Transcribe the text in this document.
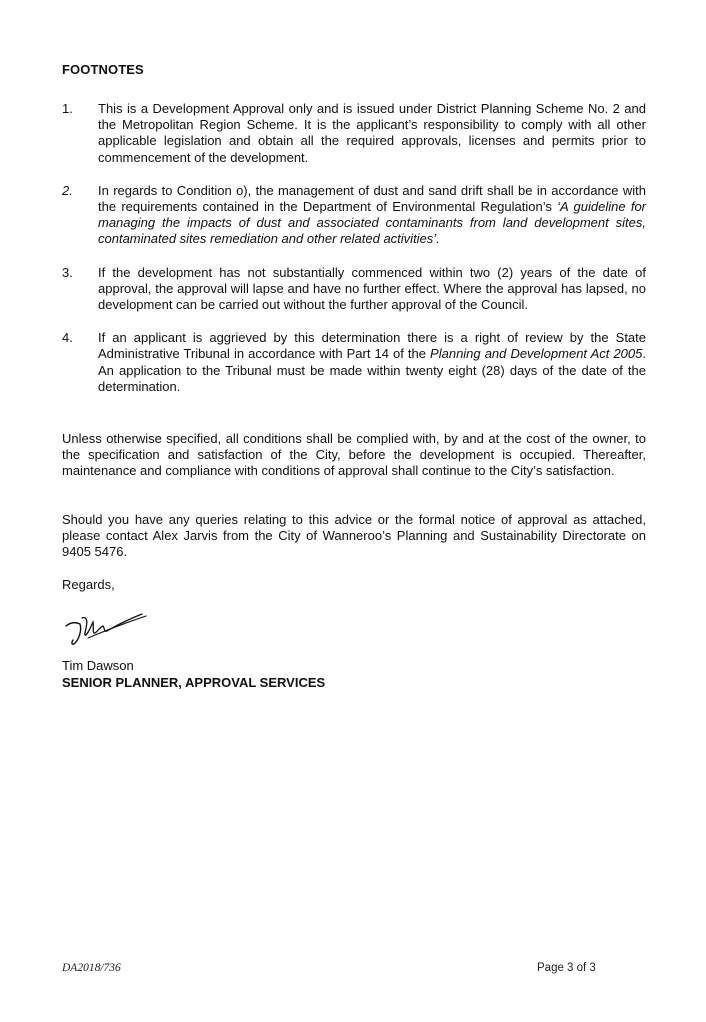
FOOTNOTES
1.	This is a Development Approval only and is issued under District Planning Scheme No. 2 and the Metropolitan Region Scheme. It is the applicant’s responsibility to comply with all other applicable legislation and obtain all the required approvals, licenses and permits prior to commencement of the development.
2.	In regards to Condition o), the management of dust and sand drift shall be in accordance with the requirements contained in the Department of Environmental Regulation’s ‘A guideline for managing the impacts of dust and associated contaminants from land development sites, contaminated sites remediation and other related activities’.
3.	If the development has not substantially commenced within two (2) years of the date of approval, the approval will lapse and have no further effect. Where the approval has lapsed, no development can be carried out without the further approval of the Council.
4.	If an applicant is aggrieved by this determination there is a right of review by the State Administrative Tribunal in accordance with Part 14 of the Planning and Development Act 2005. An application to the Tribunal must be made within twenty eight (28) days of the date of the determination.
Unless otherwise specified, all conditions shall be complied with, by and at the cost of the owner, to the specification and satisfaction of the City, before the development is occupied. Thereafter, maintenance and compliance with conditions of approval shall continue to the City’s satisfaction.
Should you have any queries relating to this advice or the formal notice of approval as attached, please contact Alex Jarvis from the City of Wanneroo’s Planning and Sustainability Directorate on 9405 5476.
Regards,
Tim Dawson
SENIOR PLANNER, APPROVAL SERVICES
DA2018/736	Page 3 of 3
